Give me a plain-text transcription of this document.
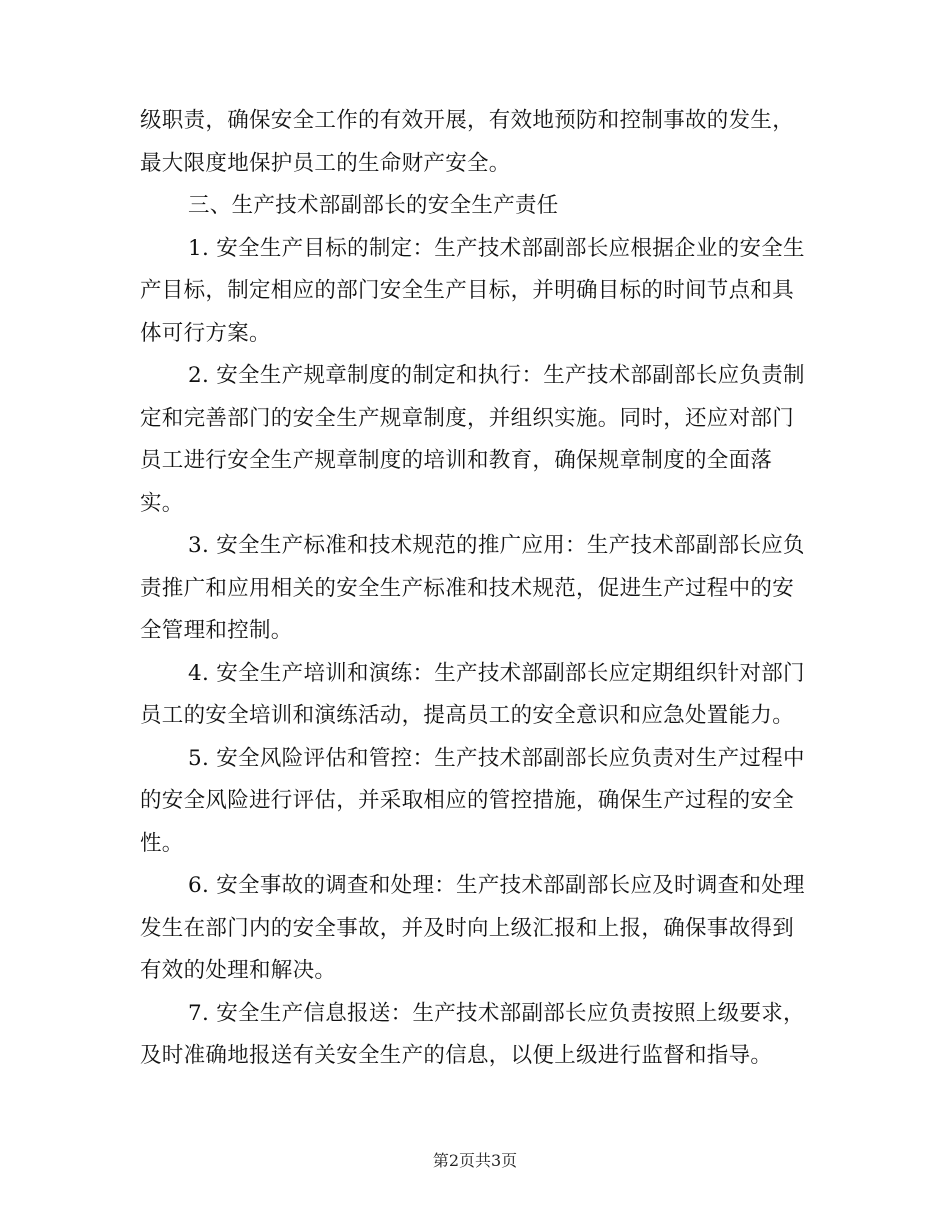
级职责，确保安全工作的有效开展，有效地预防和控制事故的发生，
最大限度地保护员工的生命财产安全。
三、生产技术部副部长的安全生产责任
1. 安全生产目标的制定：生产技术部副部长应根据企业的安全生
产目标，制定相应的部门安全生产目标，并明确目标的时间节点和具
体可行方案。
2. 安全生产规章制度的制定和执行：生产技术部副部长应负责制
定和完善部门的安全生产规章制度，并组织实施。同时，还应对部门
员工进行安全生产规章制度的培训和教育，确保规章制度的全面落
实。
3. 安全生产标准和技术规范的推广应用：生产技术部副部长应负
责推广和应用相关的安全生产标准和技术规范，促进生产过程中的安
全管理和控制。
4. 安全生产培训和演练：生产技术部副部长应定期组织针对部门
员工的安全培训和演练活动，提高员工的安全意识和应急处置能力。
5. 安全风险评估和管控：生产技术部副部长应负责对生产过程中
的安全风险进行评估，并采取相应的管控措施，确保生产过程的安全
性。
6. 安全事故的调查和处理：生产技术部副部长应及时调查和处理
发生在部门内的安全事故，并及时向上级汇报和上报，确保事故得到
有效的处理和解决。
7. 安全生产信息报送：生产技术部副部长应负责按照上级要求，
及时准确地报送有关安全生产的信息，以便上级进行监督和指导。
第2页共3页
